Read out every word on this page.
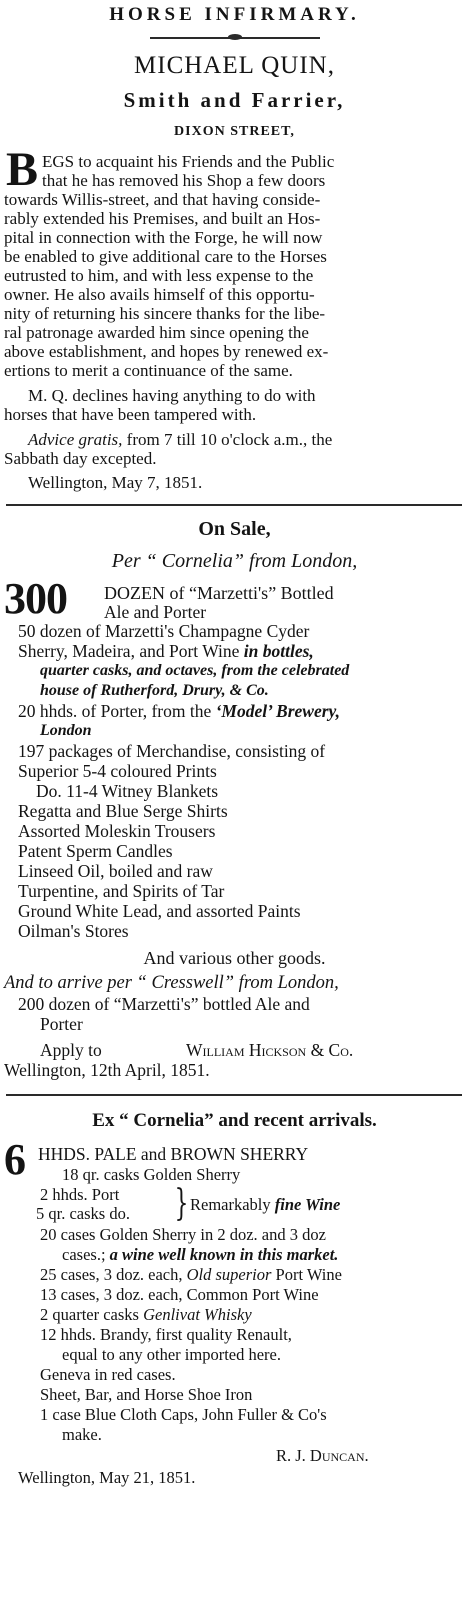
HORSE INFIRMARY.
MICHAEL QUIN,
Smith and Farrier,
DIXON STREET,
B EGS to acquaint his Friends and the Public
that he has removed his Shop a few doors
towards Willis-street, and that having conside-
rably extended his Premises, and built an Hos-
pital in connection with the Forge, he will now
be enabled to give additional care to the Horses
eutrusted to him, and with less expense to the
owner. He also avails himself of this opportu-
nity of returning his sincere thanks for the libe-
ral patronage awarded him since opening the
above establishment, and hopes by renewed ex-
ertions to merit a continuance of the same.
M. Q. declines having anything to do with
horses that have been tampered with.
Advice gratis, from 7 till 10 o'clock a.m., the
Sabbath day excepted.
Wellington, May 7, 1851.
On Sale,
Per “ Cornelia” from London,
300 DOZEN of “Marzetti's” Bottled
Ale and Porter
50 dozen of Marzetti's Champagne Cyder
Sherry, Madeira, and Port Wine in bottles,
quarter casks, and octaves, from the celebrated
house of Rutherford, Drury, & Co.
20 hhds. of Porter, from the ‘Model’ Brewery,
London
197 packages of Merchandise, consisting of
Superior 5-4 coloured Prints
Do. 11-4 Witney Blankets
Regatta and Blue Serge Shirts
Assorted Moleskin Trousers
Patent Sperm Candles
Linseed Oil, boiled and raw
Turpentine, and Spirits of Tar
Ground White Lead, and assorted Paints
Oilman's Stores
And various other goods.
And to arrive per “ Cresswell” from London,
200 dozen of “Marzetti's” bottled Ale and
Porter
Apply to	William Hickson & Co.
Wellington, 12th April, 1851.
Ex “ Cornelia” and recent arrivals.
6 HHDS. PALE and BROWN SHERRY
18 qr. casks Golden Sherry
2 hhds. Port
5 qr. casks do. } Remarkably fine Wine
20 cases Golden Sherry in 2 doz. and 3 doz
cases.; a wine well known in this market.
25 cases, 3 doz. each, Old superior Port Wine
13 cases, 3 doz. each, Common Port Wine
2 quarter casks Genlivat Whisky
12 hhds. Brandy, first quality Renault,
equal to any other imported here.
Geneva in red cases.
Sheet, Bar, and Horse Shoe Iron
1 case Blue Cloth Caps, John Fuller & Co's
make.
R. J. Duncan.
Wellington, May 21, 1851.
